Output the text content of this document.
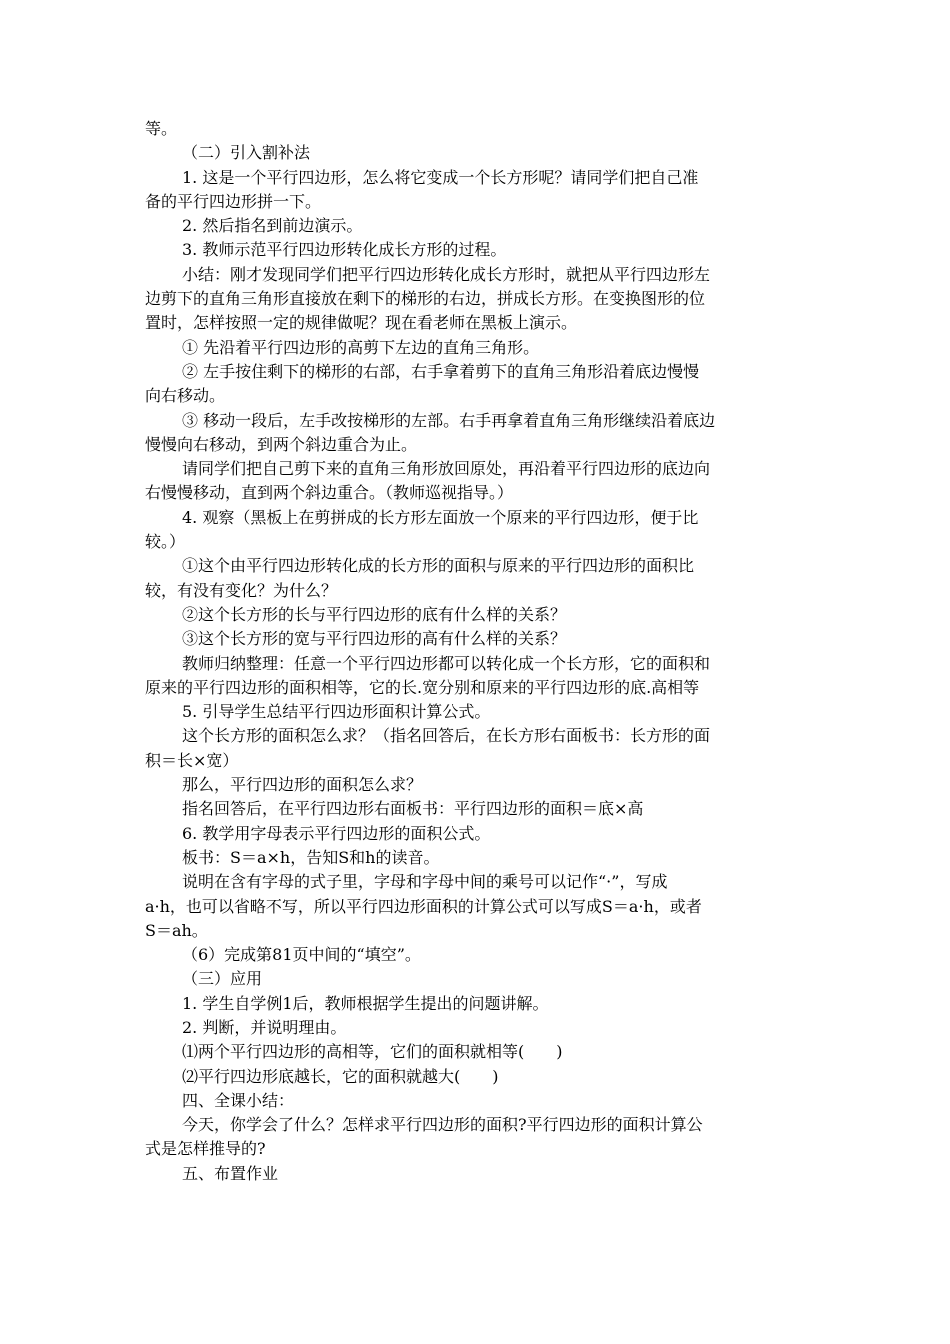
等。

（二）引入割补法

1. 这是一个平行四边形，怎么将它变成一个长方形呢？请同学们把自己准

备的平行四边形拼一下。

2. 然后指名到前边演示。

3. 教师示范平行四边形转化成长方形的过程。

小结：刚才发现同学们把平行四边形转化成长方形时，就把从平行四边形左

边剪下的直角三角形直接放在剩下的梯形的右边，拼成长方形。在变换图形的位

置时，怎样按照一定的规律做呢？现在看老师在黑板上演示。

① 先沿着平行四边形的高剪下左边的直角三角形。

② 左手按住剩下的梯形的右部，右手拿着剪下的直角三角形沿着底边慢慢

向右移动。

③ 移动一段后，左手改按梯形的左部。右手再拿着直角三角形继续沿着底边

慢慢向右移动，到两个斜边重合为止。

请同学们把自己剪下来的直角三角形放回原处，再沿着平行四边形的底边向

右慢慢移动，直到两个斜边重合。（教师巡视指导。）

4. 观察（黑板上在剪拼成的长方形左面放一个原来的平行四边形，便于比

较。）

①这个由平行四边形转化成的长方形的面积与原来的平行四边形的面积比

较，有没有变化？为什么？

②这个长方形的长与平行四边形的底有什么样的关系？

③这个长方形的宽与平行四边形的高有什么样的关系？

教师归纳整理：任意一个平行四边形都可以转化成一个长方形，它的面积和

原来的平行四边形的面积相等，它的长.宽分别和原来的平行四边形的底.高相等

5. 引导学生总结平行四边形面积计算公式。

这个长方形的面积怎么求？（指名回答后，在长方形右面板书：长方形的面

积＝长×宽）

那么，平行四边形的面积怎么求？

指名回答后，在平行四边形右面板书：平行四边形的面积＝底×高

6. 教学用字母表示平行四边形的面积公式。

板书：S＝a×h，告知S和h的读音。

说明在含有字母的式子里，字母和字母中间的乘号可以记作“·”，写成

a·h，也可以省略不写，所以平行四边形面积的计算公式可以写成S＝a·h，或者

S＝ah。

（6）完成第81页中间的“填空”。

（三）应用

1. 学生自学例1后，教师根据学生提出的问题讲解。

2. 判断，并说明理由。

⑴两个平行四边形的高相等，它们的面积就相等(　　)

⑵平行四边形底越长，它的面积就越大(　　)

四、全课小结：

今天，你学会了什么？怎样求平行四边形的面积?平行四边形的面积计算公

式是怎样推导的?

五、布置作业
